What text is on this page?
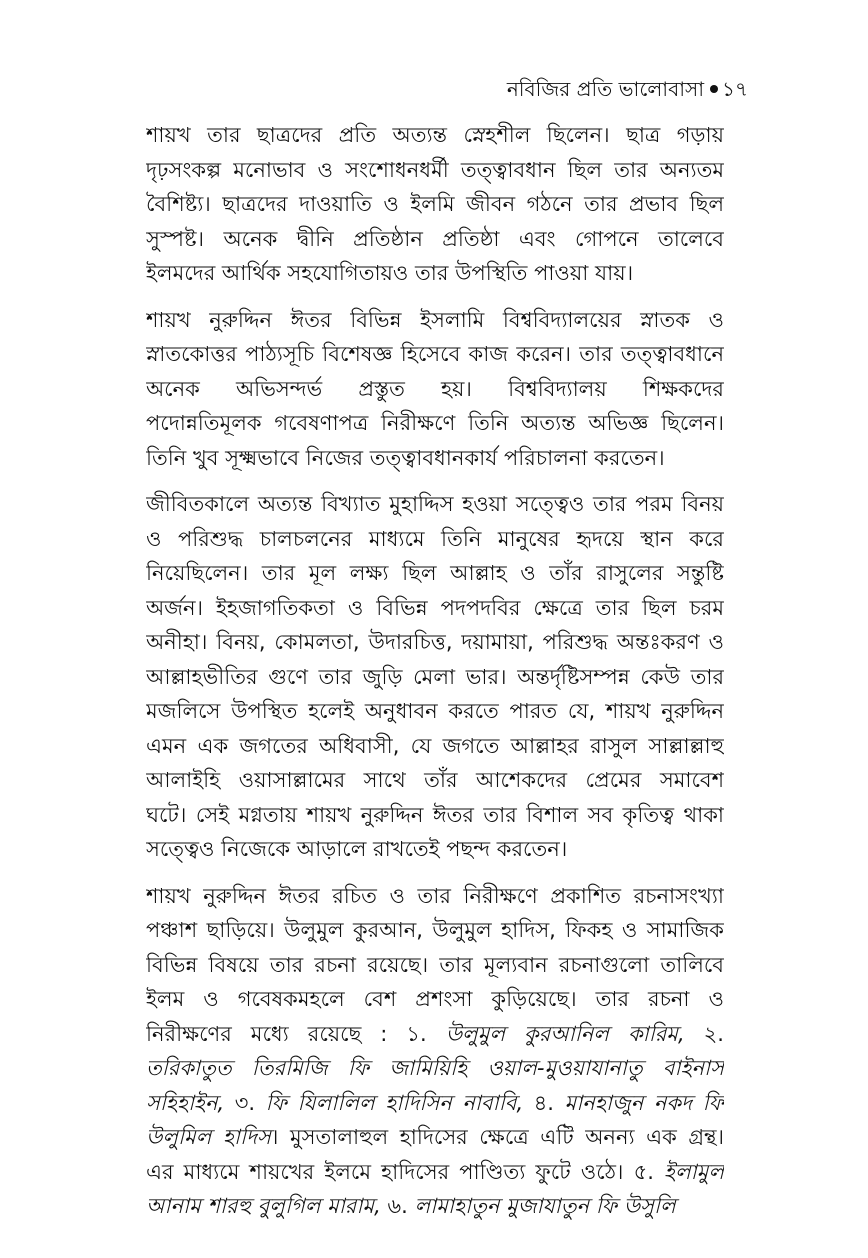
নবিজির প্রতি ভালোবাসা ১৭
শায়খ তার ছাত্রদের প্রতি অত্যন্ত স্নেহশীল ছিলেন। ছাত্র গড়ায়
দৃঢ়সংকল্প মনোভাব ও সংশোধনধর্মী তত্ত্বাবধান ছিল তার অন্যতম
বৈশিষ্ট্য। ছাত্রদের দাওয়াতি ও ইলমি জীবন গঠনে তার প্রভাব ছিল
সুস্পষ্ট। অনেক দ্বীনি প্রতিষ্ঠান প্রতিষ্ঠা এবং গোপনে তালেবে
ইলমদের আর্থিক সহযোগিতায়ও তার উপস্থিতি পাওয়া যায়।
শায়খ নুরুদ্দিন ঈতর বিভিন্ন ইসলামি বিশ্ববিদ্যালয়ের স্নাতক ও
স্নাতকোত্তর পাঠ্যসূচি বিশেষজ্ঞ হিসেবে কাজ করেন। তার তত্ত্বাবধানে
অনেক অভিসন্দর্ভ প্রস্তুত হয়। বিশ্ববিদ্যালয় শিক্ষকদের
পদোন্নতিমূলক গবেষণাপত্র নিরীক্ষণে তিনি অত্যন্ত অভিজ্ঞ ছিলেন।
তিনি খুব সূক্ষ্মভাবে নিজের তত্ত্বাবধানকার্য পরিচালনা করতেন।
জীবিতকালে অত্যন্ত বিখ্যাত মুহাদ্দিস হওয়া সত্ত্বেও তার পরম বিনয়
ও পরিশুদ্ধ চালচলনের মাধ্যমে তিনি মানুষের হৃদয়ে স্থান করে
নিয়েছিলেন। তার মূল লক্ষ্য ছিল আল্লাহ ও তাঁর রাসুলের সন্তুষ্টি
অর্জন। ইহজাগতিকতা ও বিভিন্ন পদপদবির ক্ষেত্রে তার ছিল চরম
অনীহা। বিনয়, কোমলতা, উদারচিত্ত, দয়ামায়া, পরিশুদ্ধ অন্তঃকরণ ও
আল্লাহভীতির গুণে তার জুড়ি মেলা ভার। অন্তর্দৃষ্টিসম্পন্ন কেউ তার
মজলিসে উপস্থিত হলেই অনুধাবন করতে পারত যে, শায়খ নুরুদ্দিন
এমন এক জগতের অধিবাসী, যে জগতে আল্লাহর রাসুল সাল্লাল্লাহু
আলাইহি ওয়াসাল্লামের সাথে তাঁর আশেকদের প্রেমের সমাবেশ
ঘটে। সেই মগ্নতায় শায়খ নুরুদ্দিন ঈতর তার বিশাল সব কৃতিত্ব থাকা
সত্ত্বেও নিজেকে আড়ালে রাখতেই পছন্দ করতেন।
শায়খ নুরুদ্দিন ঈতর রচিত ও তার নিরীক্ষণে প্রকাশিত রচনাসংখ্যা
পঞ্চাশ ছাড়িয়ে। উলুমুল কুরআন, উলুমুল হাদিস, ফিকহ ও সামাজিক
বিভিন্ন বিষয়ে তার রচনা রয়েছে। তার মূল্যবান রচনাগুলো তালিবে
ইলম ও গবেষকমহলে বেশ প্রশংসা কুড়িয়েছে। তার রচনা ও
নিরীক্ষণের মধ্যে রয়েছে : ১. উলুমুল কুরআনিল কারিম, ২.
তরিকাতুত তিরমিজি ফি জামিয়িহি ওয়াল-মুওয়াযানাতু বাইনাস
সহিহাইন, ৩. ফি যিলালিল হাদিসিন নাবাবি, ৪. মানহাজুন নকদ ফি
উলুমিল হাদিস। মুসতালাহুল হাদিসের ক্ষেত্রে এটি অনন্য এক গ্রন্থ।
এর মাধ্যমে শায়খের ইলমে হাদিসের পাণ্ডিত্য ফুটে ওঠে। ৫. ইলামুল
আনাম শারহু বুলুগিল মারাম, ৬. লামাহাতুন মুজাযাতুন ফি উসুলি
